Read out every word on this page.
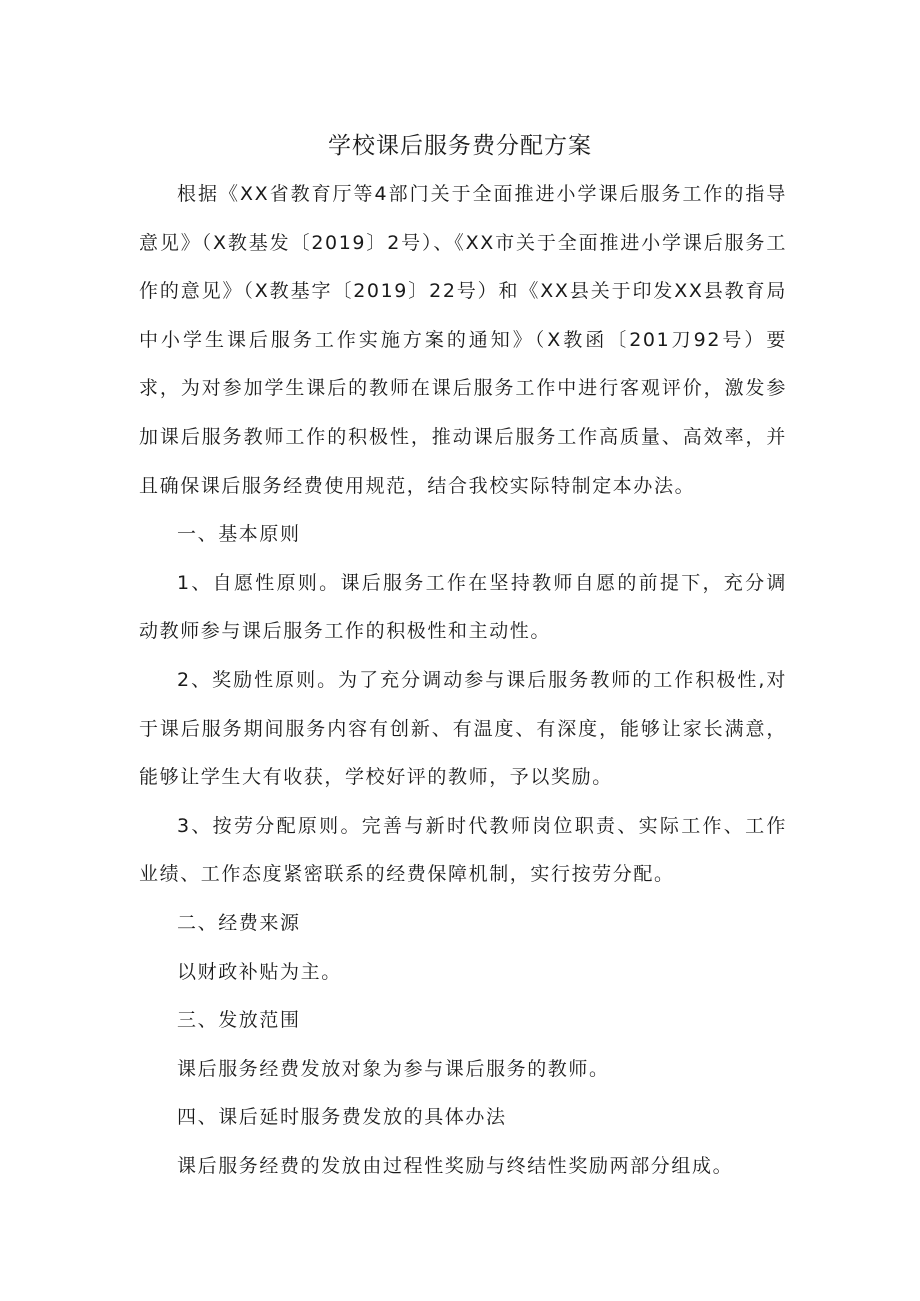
学校课后服务费分配方案

根据《XX省教育厅等4部门关于全面推进小学课后服务工作的指导意见》（X教基发〔2019〕2号）、《XX市关于全面推进小学课后服务工作的意见》（X教基字〔2019〕22号）和《XX县关于印发XX县教育局中小学生课后服务工作实施方案的通知》（X教函〔201刀92号）要求，为对参加学生课后的教师在课后服务工作中进行客观评价，激发参加课后服务教师工作的积极性，推动课后服务工作高质量、高效率，并且确保课后服务经费使用规范，结合我校实际特制定本办法。

一、基本原则

1、自愿性原则。课后服务工作在坚持教师自愿的前提下，充分调动教师参与课后服务工作的积极性和主动性。

2、奖励性原则。为了充分调动参与课后服务教师的工作积极性,对于课后服务期间服务内容有创新、有温度、有深度，能够让家长满意，能够让学生大有收获，学校好评的教师，予以奖励。

3、按劳分配原则。完善与新时代教师岗位职责、实际工作、工作业绩、工作态度紧密联系的经费保障机制，实行按劳分配。

二、经费来源

以财政补贴为主。

三、发放范围

课后服务经费发放对象为参与课后服务的教师。

四、课后延时服务费发放的具体办法

课后服务经费的发放由过程性奖励与终结性奖励两部分组成。
